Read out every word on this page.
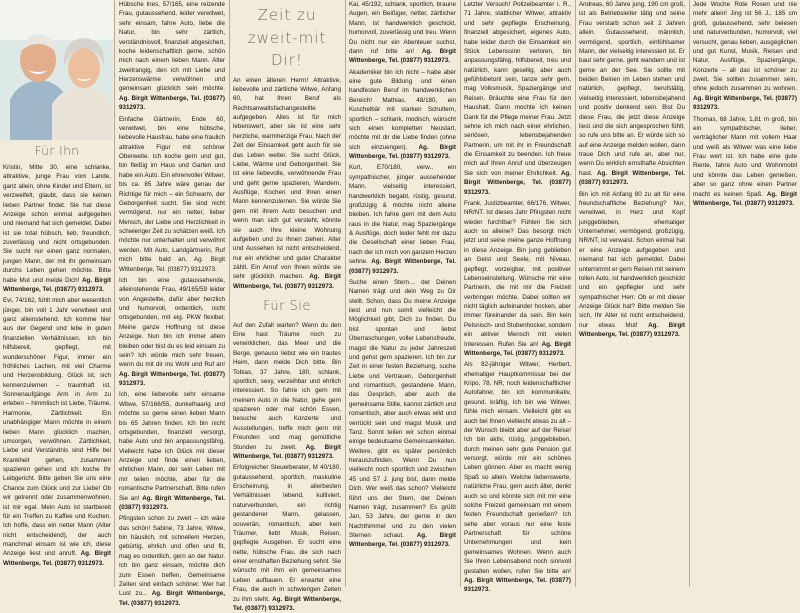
Für Ihn

Kristin, Mitte 30, eine schlanke, attraktive, junge Frau vom Lande, ganz allein, ohne Kinder und Eltern, ist verzweifelt, glaubt, dass sie keinen lieben Partner findet. Sie hat diese Anzeige schon einmal aufgegeben und niemand hat sich gemeldet. Dabei ist sie total hübsch, lieb, freundlich, zuverlässig und nicht ortsgebunden. Sie sucht nur einen ganz normalen, jungen Mann, der mit ihr gemeinsam durchs Leben gehen möchte. Bitte habe Mut und melde Dich! Ag. Birgit Wittenberge, Tel. (03877) 9312973.

Evi, 74/162, fühlt mich aber wesentlich jünger, bin voll 1 Jahr verwitwet und ganz alleinstehend. Ich komme hier aus der Gegend und lebe in guten finanziellen Verhältnissen. Ich bin hilfsbereit, gepflegt, mit wunderschöner Figur, immer ein fröhliches Lachen, mit viel Charme und Herzensbildung. Glück ist, sich kennenzulernen – traumhaft ist, Sonnenaufgänge Arm in Arm zu erleben – himmlisch ist Liebe, Träume, Harmonie, Zärtlichkeit. Ein unabhängiger Mann möchte in einem lieben Mann glücklich machen, umsorgen, verwöhnen. Zärtlichkeit, Liebe und Verständnis sind Hilfe bei Krankheit gehen, zusammen spazieren gehen und ich koche Ihr Leibgericht. Bitte geben Sie uns eine Chance zum Glück und zur Liebe! Ob wir getrennt oder zusammenwohnen, ist mir egal. Mein Auto ist startbereit für ein Treffen zu Kaffee und Kuchen. Ich hoffe, dass ein netter Mann (Alter nicht entscheidend), der auch manchmal einsam ist wie ich, diese Anzeige liest und anruft. Ag. Birgit Wittenberge, Tel. (03877) 9312973.

Hübsche Ines, 57/165, eine reizende Frau, gutaussehend, leider verwitwet, sehr einsam, fahre Auto, liebe die Natur, bin sehr zärtlich, verständnisvoll, finanziell abgesichert, koche leidenschaftlich gerne, schön mich nach einem lieben Mann. Alter zweitrangig, den ich mit Liebe und Herzenswärme verwöhnen und gemeinsam glücklich sein möchte. Ag. Birgit Wittenberge, Tel. (03877) 9312973.

Einfache Gärtnerin, Ende 60, verwitwet, bin eine hübsche, liebevolle Hausfrau, habe eine fraulich attraktive Figur mit schöner Oberweite. Ich koche gern und gut, bin fleißig im Haus und Garten und habe ein Auto. Ein ehrenvoller Witwer, bis ca. 85 Jahre wäre genau der Richtige für mich – ein Schwarm, der Geborgenheit sucht. Sie sind nicht vermögend, nur ein netter, lieber Mensch, der Liebe und Herzlichkeit in schwieriger Zeit zu schätzen weiß. Ich möchte nur unterhalten und verwöhnt werden. Mit Auto, Landgärtnerin, Ruf mich bitte bald an, Ag. Birgit Wittenberge, Tel. (03877) 9312973.

Ich bin eine gutaussehende, alleinstehende Frau, 49/165/59 leider von Angestellte, dafür aber herzlich und humorvoll, ordentlich, nicht ortsgebunden, mit eig. PKW flexibel. Meine ganze Hoffnung ist diese Anzeige. Nun bin ich immer allein bleiben oder bist du es leid einsam zu sein? Ich würde mich sehr freuen, wenn du mit dir ins Wohl und Ruf an! Ag. Birgit Wittenberge, Tel. (03877) 9312973.

Ich, eine liebevolle sehr einsame Witwe, 57/166/55, dunkelhaarig und möchte so gerne einen lieben Mann bis 65 Jahren finden. Ich bin nicht ortsgebunden, finanziell versorgt, habe Auto und bin anpassungsfähig. Vielleicht habe ich Glück mit dieser Anzeige und finde einen lieben, ehrlichen Mann, der sein Leben mit mir teilen möchte, aber für die romantische Partnerschaft. Bitte rufen Sie an! Ag. Birgit Wittenberge, Tel. (03877) 9312973.

Pfingsten schon zu zweit – ich wäre das schön! Sabine, 73 Jahre, Witwe, bin häuslich, mit schnellem Herzen, gebürtig, ehrlich und offen und fit, mag es ordentlich, gern an der Natur. Ich bin ganz einsam, möchte dich zum Essen treffen, Gemeinsame Zeiten sind einfach schöner. Wer hat Lust zu... Ag. Birgit Wittenberge, Tel. (03877) 9312973.

Zeit zu zweit-mit Dir!

An einen älteren Herrn! Attraktive, liebevolle und zärtliche Witwe, Anfang 60, hat Ihren Beruf als Rechtsanwaltsfachangestellte aufgegeben. Alles ist für mich lebenswert, aber sie ist eine sehr herzliche, warmherzige Frau. Nach der Zeit der Einsamkeit geht auch für sie das Leben weiter. Sie sucht Glück, Liebe, Wärme und Geborgenheit. Sie ist eine liebevolle, verwöhnende Frau und geht gerne spazieren, Wandern, Ausflüge, Kochen und Ihren einen Mann kennenzulernen. Sie würde Sie gern mit ihrem Auto besuchen und wenn man sich gut versteht, könnte sie auch Ihre kleine Wohnung aufgeben und zu Ihnen ziehen. Alter und Aussehen ist nicht entscheidend, nur ein ehrlicher und guter Charakter zählt. Ein Anruf von Ihnen würde sie sehr glücklich machen. Ag. Birgit Wittenberge, Tel. (03877) 9312973.

Für Sie

Auf den Zufall warten? Wenn du den Eine hast Träume noch zu verwirklichen, das Meer und die Berge, genauso liebst wie ein trautes Heim, dann melde Dich bitte. Bin Tobias, 37 Jahre, 180, schlank, sportlich, sexy, verzeihbar und ehrlich interessiert. So fahre ich gern mit meinem Auto in die Natur, gehe gern spazieren oder mal schön Essen, besuche auch Konzerte und Ausstellungen, treffe mich gern mit Freunden und mag gemütliche Stunden zu zweit. Ag. Birgit Wittenberge, Tel. (03877) 9312973.

Erfolgreicher Steuerberater, M 40/180, gutaussehend, sportlich, maskuline Erscheinung, in allerbesten Verhältnissen lebend, kultiviert, naturverbunden, ein richtig gestandener Mann, gelassen, souverän, romantisch, aber kein Träumer, liebt Musik, Reisen, gepflegte Ausgehen. Er sucht eine nette, hübsche Frau, die sich nach einer ernsthaften Beziehung sehnt. Sie wünscht mit ihm ein gemeinsames Leben aufbauen. Er erwartet eine Frau, die auch in schwierigen Zeiten zu ihm steht. Ag. Birgit Wittenberge, Tel. (03877) 9312973.

Kai, 45/192, schlank, sportlich, braune Augen, ein Beißiger, netter, zärtlicher Mann, ist handwerklich geschickt, humorvoll, zuverlässig und treu. Wenn Du nicht nur ein Abenteuer suchst, dann ruf bitte an! Ag. Birgit Wittenberge, Tel. (03877) 9312973.

Akademiker bin ich nicht – habe aber eine gute Bildung und einen handfesten Beruf im handwerklichen Bereich! Mathias, 48/180, ein Kuschelbär mit starken Schultern, sportlich – schlank, modisch, wünscht sich einen kompletten Neustart, möchte mit dir die Liebe finden (ohne sich einzuengen). Ag. Birgit Wittenberge, Tel. (03877) 9312973.

Kurt, E70/180, verw., ein sympathischer, jünger aussehender Mann, vielseitig interessiert, handwerklich begabt, rüstig, gesund, großzügig & möchte nicht alleine bleiben. Ich fahre gern mit dem Auto raus in die Natur, mag Spaziergänge & Ausflüge, doch leider fehlt mir dazu die Gesellschaft einer lieben Frau, nach der ich mich von ganzem Herzen sehne. Ag. Birgit Wittenberge, Tel. (03877) 9312973.

Suche einen Stern… der Deinen Namen trägt und dein Weg zu Dir stellt. Schon, dass Du meine Anzeige liest und nun somit vielleicht die Möglichkeit gibt, Dich zu finden. Du bist spontan und liebst Überraschungen, voller Lebensfreude, magst die Natur zu jeder Jahreszeit und gehst gern spazieren. Ich bin zur Zeit in einer festen Beziehung, suche Liebe und Vertrauen, Geborgenheit und romantisch, gestandene Mann, das Gespräch, aber auch die gemeinsame Stille, kannst zärtlich und romantisch, aber auch etwas wild und verrückt sein und magst Musik und Tanz. Sonnt teilen wir schon einmal einige bedeutsame Gemeinsamkeiten. Weitere, gibt es später persönlich herauszufinden. Wenn Du nun vielleicht noch sportlich und zwischen 45 und 57 J. jung bist, dann melde Dich. Wer weiß das schon? Vielleicht führt uns der Stern, der Deinen Namen trägt, zusammen? Es grüßt Jan, 53 Jahre, der gerne in den Nachthimmel und zu den vielen Sternen schaut. Ag. Birgit Wittenberge, Tel. (03877) 9312973.

Letzter Versuch! Polizeibeamter i. R., 71 Jahre, stattlicher Witwer, attraktiv und sehr gepflegte Erscheinung, finanziell abgesichert, eigenes Auto, habe leider durch die Einsamkeit ein Stück Lebenssinn verloren, bin anpassungsfähig, hilfsbereit, treu und natürlich, kann gesellig, aber auch gefühlsbetont sein, tanze sehr gern, mag Volksmusik, Spaziergänge und Reisen. Bräuchte eine Frau für den Haushalt. Dann mochte ich keinen Dank für die Pflege meiner Frau. Jetzt sehne ich mich nach einer ehrlichen, seriösen, lebensbejahenden Partnerin, um mit ihr in Freundschaft die Einsamkeit zu beenden. Ich freue mich auf Ihren Anruf und überzeugen Sie sich von meiner Ehrlichkeit. Ag. Birgit Wittenberge, Tel. (03877) 9312973.

Frank, Justizbeamter, 66/176, Witwer, NR/NT. Ist dieses Jahr Pfingsten nicht wieder furchtbar? Fühlen Sie sich auch so alleine? Das besorgt mich jetzt und seine meine ganze Hoffnung in diese Anzeige. Bin jung geblieben an Geist und Seele, mit Niveau, gepflegt, vorzeigbar, mit positiver Lebenseinstellung. Wünsche mir eine Partnerin, die mit mir die Freizeit verbringen möchte. Dabei sollten wir nicht täglich aufeinander hocken, aber immer füreinander da sein. Bin kein Pelsnisch- und Stubenhocker, sondern ein aktiver Mensch mit vielen Interessen. Rufen Sie an! Ag. Birgit Wittenberge, Tel. (03877) 9312973.

Als 82-jähriger Witwer, Herbert, ehemaliger Hauptkommissar bei der Kripo, 78, NR, noch leidenschaftlicher Autofahrer, bin ich kommunikativ, gesund, kräftig, Ich bin wie Witwer, fühle mich einsam. Vielleicht gibt es auch bei Ihnen vielleicht etwas zu alt – der Wunsch bleibt aber auf der Reise! Ich bin aktiv, rüstig, junggeblieben, durch meinen sehr gute Pension gut versorgt, würde mir ein schönes Leben gönnen. Aber es macht wenig Spaß so allein. Welche liebenswerte, natürliche Frau, gern auch älter, denkt auch so und könnte sich mit mir eine solche Freizeit gemeinsam mit einem festen Freundschaft genießen? Ich sehe aber voraus nur eine feste Partnerschaft für schöne Unternehmungen und kein gemeinsames Wohnen. Wenn auch Sie Ihren Lebensabend noch sinnvoll gestalten wollen, rufen Sie bitte an! Ag. Birgit Wittenberge, Tel. (03877) 9312973.

Andreas, 60 Jahre jung, 190 cm groß, ist als Betriebsleiter tätig und seine Frau verstarb schon seit 2 Jahren allein. Gutaussehend, männlich, vermögend, sportlich, einfühlsamer Mann, der vielseitig interessiert ist. Er baut sehr gerne, geht wandern und ist gerne an der See. Sie sollte mit beiden Beinen im Leben stehen und natürlich, gepflegt, berufstätig, vielseitig interessiert, lebensbejahend und positiv denkend sein. Bist Du diese Frau, die jetzt diese Anzeige liest und die sich angesprochen fühlt, so rufe uns bitte an. Er würde sich so auf eine Anzeige melden wollen, dann traue Dich und rufe an, aber nur, wenn Du wirklich ernsthafte Absichten hast. Ag. Birgit Wittenberge, Tel. (03877) 9312973.

Bin ich mit Anfang 80 zu alt für eine freundschaftliche Beziehung? Nur, verwitwet, in Herz und Kopf junggeblieben, ehemaliger Unternehmer, vermögend, großzügig, NR/NT, ist verwaist. Schon einmal hat er eine Anzeige aufgegeben und niemand hat sich gemeldet. Dabei unternimmt er gern Reisen mit seinem tollen Auto, ist handwerklich geschickt und ein gepflegter und sehr sympathischer Herr. Ob er mit dieser Anzeige Glück hat? Bitte melden Sie sich, Ihr Alter ist nicht entscheidend, nur etwas Mut! Ag. Birgit Wittenberge, Tel. (03877) 9312973.

Jede Woche Rote Rosen und nie mehr allein! Jing ist 56 J., 185 cm groß, gutaussehend, sehr belesen und naturverbunden, humorvoll, viel versucht, genau lieben, ausgeglichen und gut Kunst, Musik, Reisen und Natur, Ausflüge, Spaziergänge, Konzerte – all das ist schöner zu zweit. Sie sollten zusammen sein, ohne jedoch zusammen zu wohnen. Ag. Birgit Wittenberge, Tel. (03877) 9312973.

Thomas, 68 Jahre, 1,81 m groß, bin ein sympathischer, lieber, verträglicher Mann mit vollem Haar und weiß als Witwer was eine liebe Frau wert ist. Ich habe eine gute Rente, fahre Auto und Wohnmobil und könnte das Leben genießen, aber so ganz ohne einen Partner macht es keinen Spaß. Ag. Birgit Wittenberge, Tel. (03877) 9312973.
